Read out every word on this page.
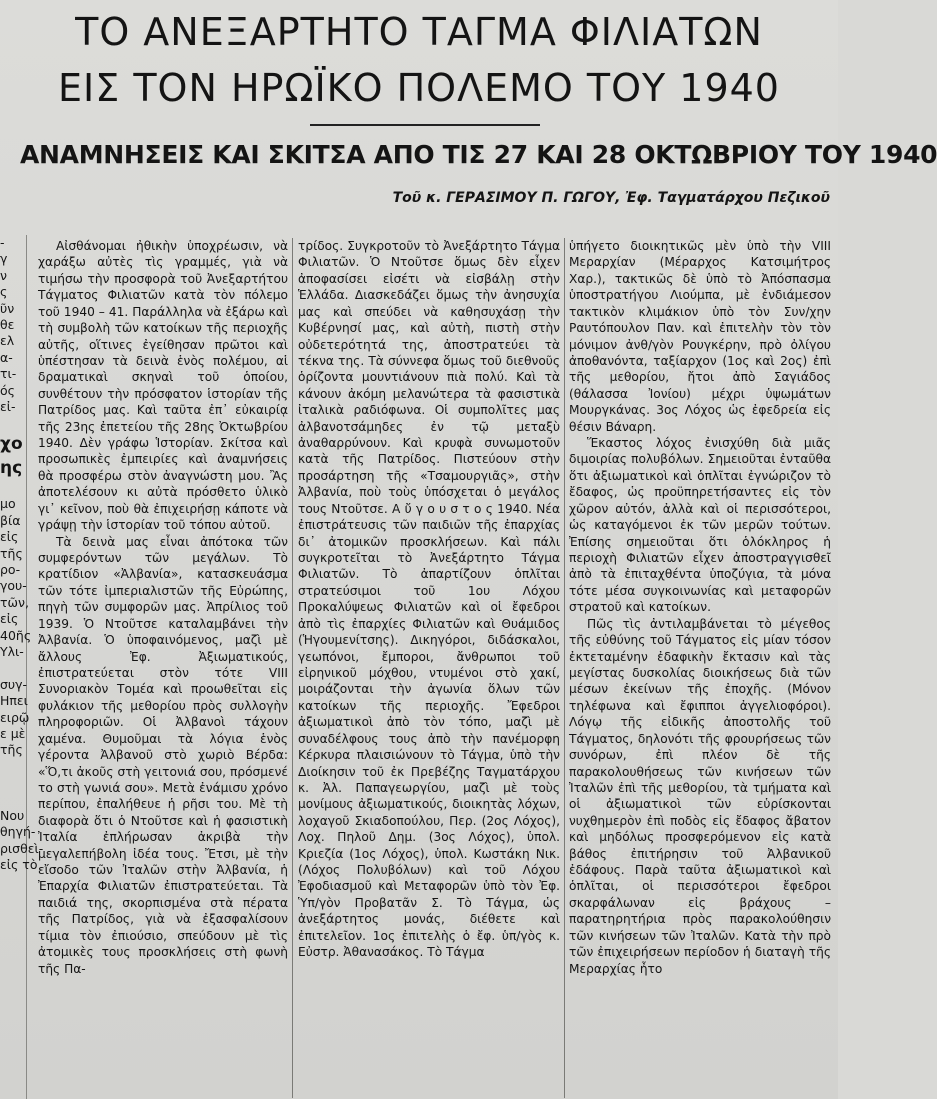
ΤΟ ΑΝΕΞΑΡΤΗΤΟ ΤΑΓΜΑ ΦΙΛΙΑΤΩΝ
ΕΙΣ ΤΟΝ ΗΡΩΪΚΟ ΠΟΛΕΜΟ ΤΟΥ 1940
ΑΝΑΜΝΗΣΕΙΣ ΚΑΙ ΣΚΙΤΣΑ ΑΠΟ ΤΙΣ 27 ΚΑΙ 28 ΟΚΤΩΒΡΙΟΥ ΤΟΥ 1940
Τοῦ κ. ΓΕΡΑΣΙΜΟΥ Π. ΓΩΓΟΥ, Ἐφ. Ταγματάρχου Πεζικοῦ
-
γ
ν
ς
ῦν
θε
ελ
α-
τι-
ός
εἰ-

χο
ης

μο
βία
εἰς
τῆς
ρο-
γου-
τῶν,
εἰς
40ῆς
Υλι-

συγ-
Ηπει
ειρῷ
ε μὲ
τῆς

Νου
θηγή-
ρισθεὶ-
εἰς τὸ

Αἰσθάνομαι ἠθικὴν ὑποχρέωσιν, νὰ χαράξω αὐτὲς τὶς γραμμές, γιὰ νὰ τιμήσω τὴν προσφορὰ τοῦ Ἀνεξαρτήτου Τάγματος Φιλιατῶν κατὰ τὸν πόλεμο τοῦ 1940 – 41. Παράλληλα νὰ ἐξάρω καὶ τὴ συμβολὴ τῶν κατοίκων τῆς περιοχῆς αὐτῆς, οἵτινες ἐγείθησαν πρῶτοι καὶ ὑπέστησαν τὰ δεινὰ ἑνὸς πολέμου, αἱ δραματικαὶ σκηναὶ τοῦ ὁποίου, συνθέτουν τὴν πρόσφατον ἱστορίαν τῆς Πατρίδος μας. Καὶ ταῦτα ἐπ᾽ εὐκαιρίᾳ τῆς 23ης ἐπετείου τῆς 28ης Ὀκτωβρίου 1940. Δὲν γράφω Ἱστορίαν. Σκίτσα καὶ προσωπικὲς ἐμπειρίες καὶ ἀναμνήσεις θὰ προσφέρω στὸν ἀναγνώστη μου. Ἂς ἀποτελέσουν κι αὐτὰ πρόσθετο ὑλικὸ γι᾽ κεῖνον, ποὺ θὰ ἐπιχειρήσῃ κάποτε νὰ γράψῃ τὴν ἱστορίαν τοῦ τόπου αὐτοῦ.

Τὰ δεινὰ μας εἶναι ἀπότοκα τῶν συμφερόντων τῶν μεγάλων. Τὸ κρατίδιον «Ἀλβανία», κατασκευάσμα τῶν τότε ἰμπεριαλιστῶν τῆς Εὐρώπης, πηγὴ τῶν συμφορῶν μας. Ἀπρίλιος τοῦ 1939. Ὁ Ντοῦτσε καταλαμβάνει τὴν Ἀλβανία. Ὁ ὑποφαινόμενος, μαζὶ μὲ ἄλλους Ἐφ. Ἀξιωματικούς, ἐπιστρατεύεται στὸν τότε VIII Συνοριακὸν Τομέα καὶ προωθεῖται εἰς φυλάκιον τῆς μεθορίου πρὸς συλλογὴν πληροφοριῶν. Οἱ Ἀλβανοὶ τάχουν χαμένα. Θυμοῦμαι τὰ λόγια ἑνὸς γέροντα Ἀλβανοῦ στὸ χωριὸ Βέρδα: «Ὅ,τι ἀκοῦς στὴ γειτονιά σου, πρόσμενέ το στὴ γωνιά σου». Μετὰ ἐνάμισυ χρόνο περίπου, ἐπαλήθευε ἡ ρῆσι του. Μὲ τὴ διαφορὰ ὅτι ὁ Ντοῦτσε καὶ ἡ φασιστικὴ Ἰταλία ἐπλήρωσαν ἀκριβὰ τὴν μεγαλεπήβολη ἰδέα τους. Ἔτσι, μὲ τὴν εἴσοδο τῶν Ἰταλῶν στὴν Ἀλβανία, ἡ Ἐπαρχία Φιλιατῶν ἐπιστρατεύεται. Τὰ παιδιά της, σκορπισμένα στὰ πέρατα τῆς Πατρίδος, γιὰ νὰ ἐξασφαλίσουν τίμια τὸν ἐπιούσιο, σπεύδουν μὲ τὶς ἀτομικὲς τους προσκλήσεις στὴ φωνὴ τῆς Πα-

τρίδος. Συγκροτοῦν τὸ Ἀνεξάρτητο Τάγμα Φιλιατῶν. Ὁ Ντοῦτσε ὅμως δὲν εἶχεν ἀποφασίσει εἰσέτι νὰ εἰσβάλῃ στὴν Ἑλλάδα. Διασκεδάζει ὅμως τὴν ἀνησυχία μας καὶ σπεύδει νὰ καθησυχάσῃ τὴν Κυβέρνησί μας, καὶ αὐτὴ, πιστὴ στὴν οὐδετερότητά της, ἀποστρατεύει τὰ τέκνα της. Τὰ σύννεφα ὅμως τοῦ διεθνοῦς ὁρίζοντα μουντιάνουν πιὰ πολύ. Καὶ τὰ κάνουν ἀκόμη μελανώτερα τὰ φασιστικὰ ἰταλικὰ ραδιόφωνα. Οἱ συμπολῖτες μας ἀλβανοτσάμηδες ἐν τῷ μεταξὺ ἀναθαρρύνουν. Καὶ κρυφὰ συνωμοτοῦν κατὰ τῆς Πατρίδος. Πιστεύουν στὴν προσάρτηση τῆς «Τσαμουργιᾶς», στὴν Ἀλβανία, ποὺ τοὺς ὑπόσχεται ὁ μεγάλος τους Ντοῦτσε. Α ὔ γ ο υ σ τ ο ς 1940. Νέα ἐπιστράτευσις τῶν παιδιῶν τῆς ἐπαρχίας δι᾽ ἀτομικῶν προσκλήσεων. Καὶ πάλι συγκροτεῖται τὸ Ἀνεξάρτητο Τάγμα Φιλιατῶν. Τὸ ἀπαρτίζουν ὁπλῖται στρατεύσιμοι τοῦ 1ου Λόχου Προκαλύψεως Φιλιατῶν καὶ οἱ ἔφεδροι ἀπὸ τὶς ἐπαρχίες Φιλιατῶν καὶ Θυάμιδος (Ἡγουμενίτσης). Δικηγόροι, διδάσκαλοι, γεωπόνοι, ἔμποροι, ἄνθρωποι τοῦ εἰρηνικοῦ μόχθου, ντυμένοι στὸ χακί, μοιράζονται τὴν ἀγωνία ὅλων τῶν κατοίκων τῆς περιοχῆς. Ἔφεδροι ἀξιωματικοὶ ἀπὸ τὸν τόπο, μαζὶ μὲ συναδέλφους τους ἀπὸ τὴν πανέμορφη Κέρκυρα πλαισιώνουν τὸ Τάγμα, ὑπὸ τὴν Διοίκησιν τοῦ ἐκ Πρεβέζης Ταγματάρχου κ. Ἀλ. Παπαγεωργίου, μαζὶ μὲ τοὺς μονίμους ἀξιωματικούς, διοικητὰς λόχων, λοχαγοῦ Σκιαδοπούλου, Περ. (2ος Λόχος), Λοχ. Πηλοῦ Δημ. (3ος Λόχος), ὑπολ. Κριεζία (1ος Λόχος), ὑπολ. Κωστάκη Νικ. (Λόχος Πολυβόλων) καὶ τοῦ Λόχου Ἐφοδιασμοῦ καὶ Μεταφορῶν ὑπὸ τὸν Ἐφ. Ὑπ/γὸν Προβατᾶν Σ. Τὸ Τάγμα, ὡς ἀνεξάρτητος μονάς, διέθετε καὶ ἐπιτελεῖον. 1ος ἐπιτελὴς ὁ ἔφ. ὑπ/γὸς κ. Εὐστρ. Ἀθανασάκος. Τὸ Τάγμα

ὑπήγετο διοικητικῶς μὲν ὑπὸ τὴν VIII Μεραρχίαν (Μέραρχος Κατσιμήτρος Χαρ.), τακτικῶς δὲ ὑπὸ τὸ Ἀπόσπασμα ὑποστρατήγου Λιούμπα, μὲ ἐνδιάμεσον τακτικὸν κλιμάκιον ὑπὸ τὸν Συν/χην Ραυτόπουλον Παν. καὶ ἐπιτελὴν τὸν τὸν μόνιμον ἀνθ/γὸν Ρουγκέρην, πρὸ ὀλίγου ἀποθανόντα, ταξίαρχον (1ος καὶ 2ος) ἐπὶ τῆς μεθορίου, ἤτοι ἀπὸ Σαγιάδος (θάλασσα Ἰονίου) μέχρι ὑψωμάτων Μουργκάνας. 3ος Λόχος ὡς ἐφεδρεία εἰς θέσιν Βάναρη.

Ἕκαστος λόχος ἐνισχύθη διὰ μιᾶς διμοιρίας πολυβόλων. Σημειοῦται ἐνταῦθα ὅτι ἀξιωματικοὶ καὶ ὁπλῖται ἐγνώριζον τὸ ἔδαφος, ὡς προϋπηρετήσαντες εἰς τὸν χῶρον αὐτόν, ἀλλὰ καὶ οἱ περισσότεροι, ὡς καταγόμενοι ἐκ τῶν μερῶν τούτων. Ἐπίσης σημειοῦται ὅτι ὁλόκληρος ἡ περιοχὴ Φιλιατῶν εἶχεν ἀποστραγγισθεῖ ἀπὸ τὰ ἐπιταχθέντα ὑποζύγια, τὰ μόνα τότε μέσα συγκοινωνίας καὶ μεταφορῶν στρατοῦ καὶ κατοίκων.

Πῶς τὶς ἀντιλαμβάνεται τὸ μέγεθος τῆς εὐθύνης τοῦ Τάγματος εἰς μίαν τόσον ἐκτεταμένην ἐδαφικὴν ἔκτασιν καὶ τὰς μεγίστας δυσκολίας διοικήσεως διὰ τῶν μέσων ἐκείνων τῆς ἐποχῆς. (Μόνον τηλέφωνα καὶ ἔφιπποι ἀγγελιοφόροι). Λόγῳ τῆς εἰδικῆς ἀποστολῆς τοῦ Τάγματος, δηλονότι τῆς φρουρήσεως τῶν συνόρων, ἐπὶ πλέον δὲ τῆς παρακολουθήσεως τῶν κινήσεων τῶν Ἰταλῶν ἐπὶ τῆς μεθορίου, τὰ τμήματα καὶ οἱ ἀξιωματικοὶ τῶν εὑρίσκονται νυχθημερὸν ἐπὶ ποδὸς εἰς ἔδαφος ἄβατον καὶ μηδόλως προσφερόμενον εἰς κατὰ βάθος ἐπιτήρησιν τοῦ Ἀλβανικοῦ ἐδάφους. Παρὰ ταῦτα ἀξιωματικοὶ καὶ ὁπλῖται, οἱ περισσότεροι ἔφεδροι σκαρφάλωναν εἰς βράχους – παρατηρητήρια πρὸς παρακολούθησιν τῶν κινήσεων τῶν Ἰταλῶν. Κατὰ τὴν πρὸ τῶν ἐπιχειρήσεων περίοδον ἡ διαταγὴ τῆς Μεραρχίας ἦτο
